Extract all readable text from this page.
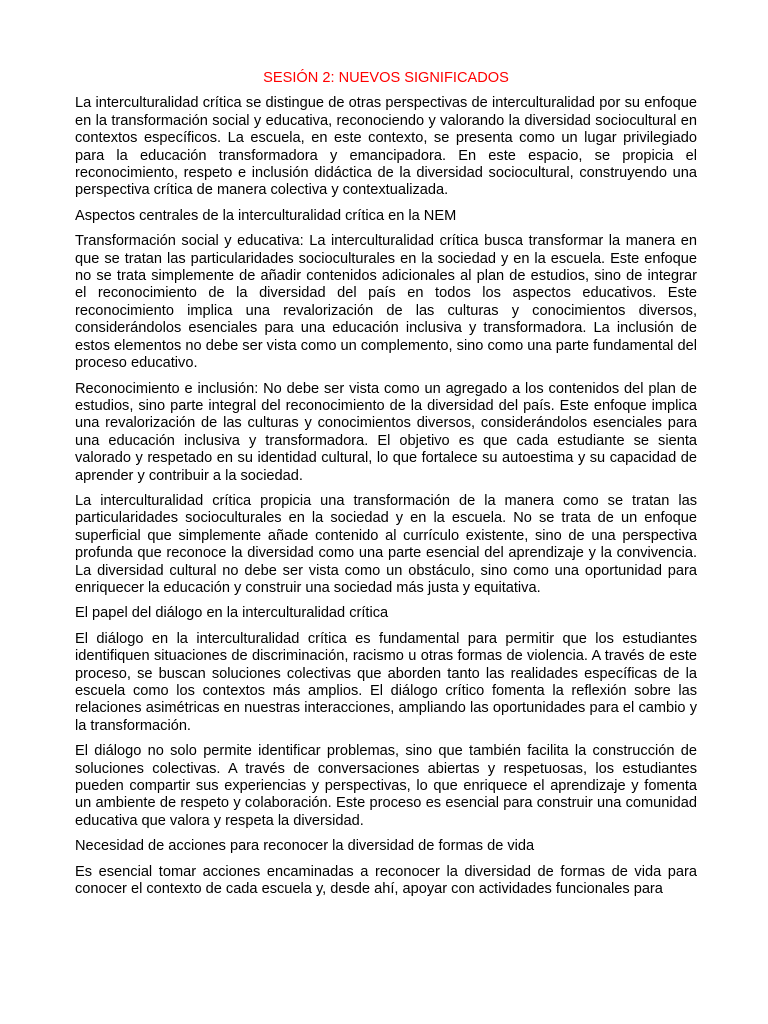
SESIÓN 2: NUEVOS SIGNIFICADOS

La interculturalidad crítica se distingue de otras perspectivas de interculturalidad por su enfoque en la transformación social y educativa, reconociendo y valorando la diversidad sociocultural en contextos específicos. La escuela, en este contexto, se presenta como un lugar privilegiado para la educación transformadora y emancipadora. En este espacio, se propicia el reconocimiento, respeto e inclusión didáctica de la diversidad sociocultural, construyendo una perspectiva crítica de manera colectiva y contextualizada.

Aspectos centrales de la interculturalidad crítica en la NEM

Transformación social y educativa: La interculturalidad crítica busca transformar la manera en que se tratan las particularidades socioculturales en la sociedad y en la escuela. Este enfoque no se trata simplemente de añadir contenidos adicionales al plan de estudios, sino de integrar el reconocimiento de la diversidad del país en todos los aspectos educativos. Este reconocimiento implica una revalorización de las culturas y conocimientos diversos, considerándolos esenciales para una educación inclusiva y transformadora. La inclusión de estos elementos no debe ser vista como un complemento, sino como una parte fundamental del proceso educativo.

Reconocimiento e inclusión: No debe ser vista como un agregado a los contenidos del plan de estudios, sino parte integral del reconocimiento de la diversidad del país. Este enfoque implica una revalorización de las culturas y conocimientos diversos, considerándolos esenciales para una educación inclusiva y transformadora. El objetivo es que cada estudiante se sienta valorado y respetado en su identidad cultural, lo que fortalece su autoestima y su capacidad de aprender y contribuir a la sociedad.

La interculturalidad crítica propicia una transformación de la manera como se tratan las particularidades socioculturales en la sociedad y en la escuela. No se trata de un enfoque superficial que simplemente añade contenido al currículo existente, sino de una perspectiva profunda que reconoce la diversidad como una parte esencial del aprendizaje y la convivencia. La diversidad cultural no debe ser vista como un obstáculo, sino como una oportunidad para enriquecer la educación y construir una sociedad más justa y equitativa.

El papel del diálogo en la interculturalidad crítica

El diálogo en la interculturalidad crítica es fundamental para permitir que los estudiantes identifiquen situaciones de discriminación, racismo u otras formas de violencia. A través de este proceso, se buscan soluciones colectivas que aborden tanto las realidades específicas de la escuela como los contextos más amplios. El diálogo crítico fomenta la reflexión sobre las relaciones asimétricas en nuestras interacciones, ampliando las oportunidades para el cambio y la transformación.

El diálogo no solo permite identificar problemas, sino que también facilita la construcción de soluciones colectivas. A través de conversaciones abiertas y respetuosas, los estudiantes pueden compartir sus experiencias y perspectivas, lo que enriquece el aprendizaje y fomenta un ambiente de respeto y colaboración. Este proceso es esencial para construir una comunidad educativa que valora y respeta la diversidad.

Necesidad de acciones para reconocer la diversidad de formas de vida

Es esencial tomar acciones encaminadas a reconocer la diversidad de formas de vida para conocer el contexto de cada escuela y, desde ahí, apoyar con actividades funcionales para
